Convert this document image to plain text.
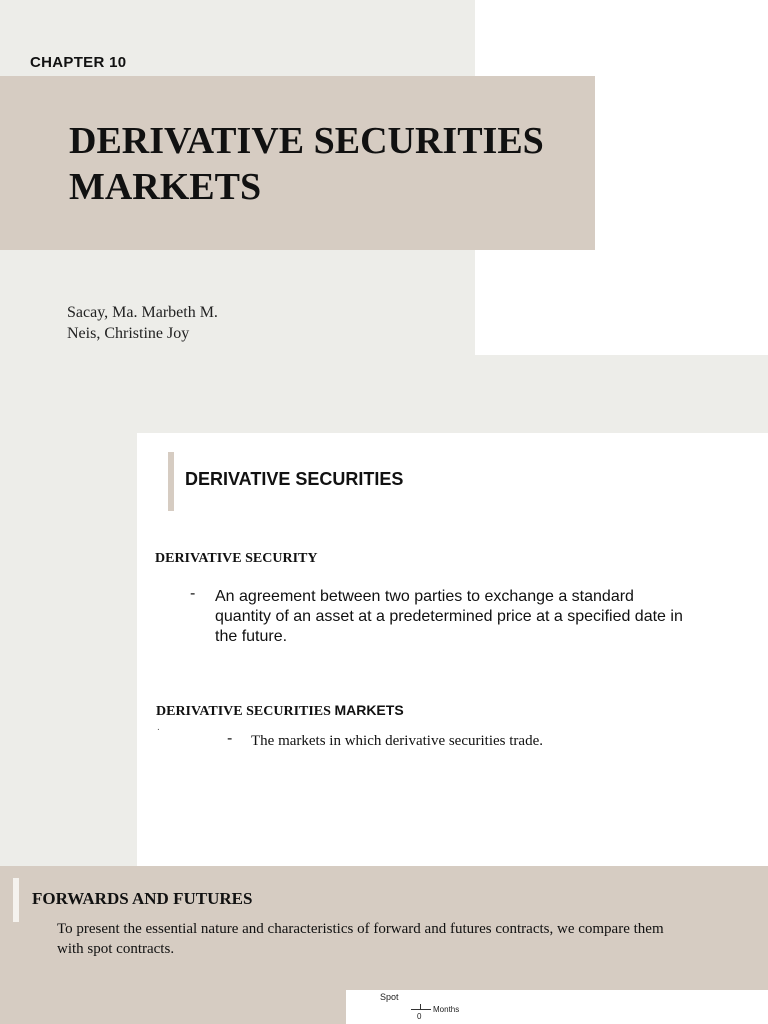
CHAPTER 10
DERIVATIVE SECURITIES
MARKETS
Sacay, Ma. Marbeth M.
Neis, Christine Joy
DERIVATIVE SECURITIES
DERIVATIVE SECURITY
- An agreement between two parties to exchange a standard quantity of an asset at a predetermined price at a specified date in the future.
DERIVATIVE SECURITIES MARKETS
.
- The markets in which derivative securities trade.
FORWARDS AND FUTURES
To present the essential nature and characteristics of forward and futures contracts, we compare them with spot contracts.
Spot
0
Months
